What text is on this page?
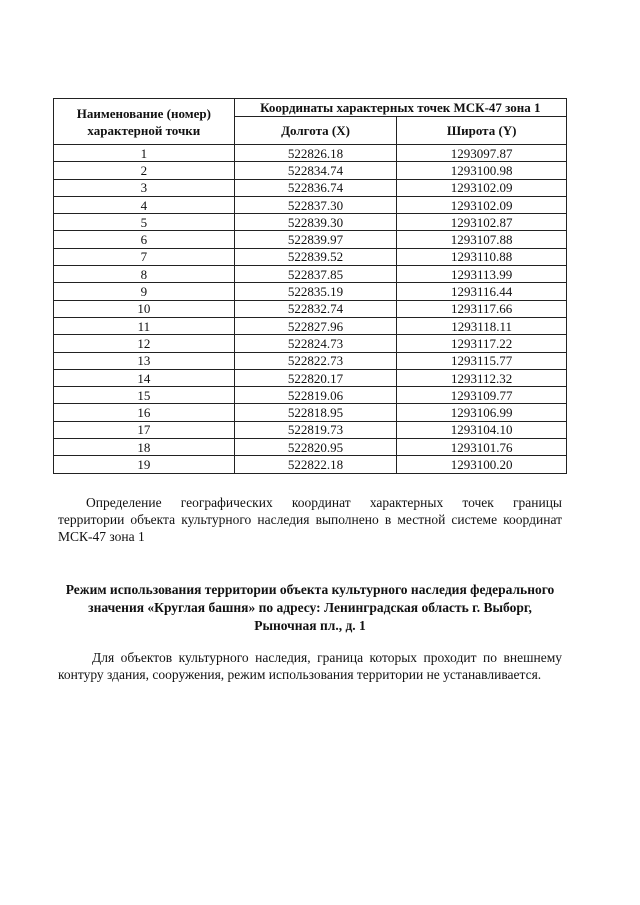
Наименование (номер) характерной точки	Координаты характерных точек МСК-47 зона 1	
	Долгота (X)	Широта (Y)
1	522826.18	1293097.87
2	522834.74	1293100.98
3	522836.74	1293102.09
4	522837.30	1293102.09
5	522839.30	1293102.87
6	522839.97	1293107.88
7	522839.52	1293110.88
8	522837.85	1293113.99
9	522835.19	1293116.44
10	522832.74	1293117.66
11	522827.96	1293118.11
12	522824.73	1293117.22
13	522822.73	1293115.77
14	522820.17	1293112.32
15	522819.06	1293109.77
16	522818.95	1293106.99
17	522819.73	1293104.10
18	522820.95	1293101.76
19	522822.18	1293100.20

Определение географических координат характерных точек границы
территории объекта культурного наследия выполнено в местной системе координат МСК-47 зона 1

Режим использования территории объекта культурного наследия федерального значения «Круглая башня» по адресу: Ленинградская область г. Выборг, Рыночная пл., д. 1

Для объектов культурного наследия, граница которых проходит по внешнему контуру здания, сооружения, режим использования территории не устанавливается.
